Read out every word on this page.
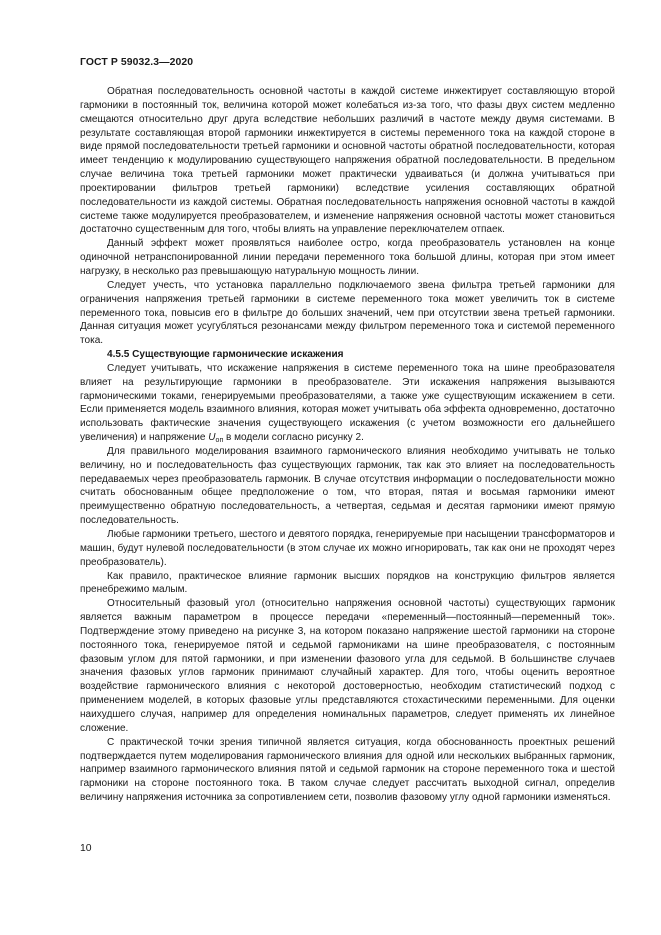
ГОСТ Р 59032.3—2020

Обратная последовательность основной частоты в каждой системе инжектирует составляющую второй гармоники в постоянный ток, величина которой может колебаться из-за того, что фазы двух систем медленно смещаются относительно друг друга вследствие небольших различий в частоте между двумя системами. В результате составляющая второй гармоники инжектируется в системы переменного тока на каждой стороне в виде прямой последовательности третьей гармоники и основной частоты обратной последовательности, которая имеет тенденцию к модулированию существующего напряжения обратной последовательности. В предельном случае величина тока третьей гармоники может практически удваиваться (и должна учитываться при проектировании фильтров третьей гармоники) вследствие усиления составляющих обратной последовательности из каждой системы. Обратная последовательность напряжения основной частоты в каждой системе также модулируется преобразователем, и изменение напряжения основной частоты может становиться достаточно существенным для того, чтобы влиять на управление переключателем отпаек.

Данный эффект может проявляться наиболее остро, когда преобразователь установлен на конце одиночной нетранспонированной линии передачи переменного тока большой длины, которая при этом имеет нагрузку, в несколько раз превышающую натуральную мощность линии.

Следует учесть, что установка параллельно подключаемого звена фильтра третьей гармоники для ограничения напряжения третьей гармоники в системе переменного тока может увеличить ток в системе переменного тока, повысив его в фильтре до больших значений, чем при отсутствии звена третьей гармоники. Данная ситуация может усугубляться резонансами между фильтром переменного тока и системой переменного тока.

4.5.5 Существующие гармонические искажения

Следует учитывать, что искажение напряжения в системе переменного тока на шине преобразователя влияет на результирующие гармоники в преобразователе. Эти искажения напряжения вызываются гармоническими токами, генерируемыми преобразователями, а также уже существующим искажением в сети. Если применяется модель взаимного влияния, которая может учитывать оба эффекта одновременно, достаточно использовать фактические значения существующего искажения (с учетом возможности его дальнейшего увеличения) и напряжение $U_{оп}$ в модели согласно рисунку 2.

Для правильного моделирования взаимного гармонического влияния необходимо учитывать не только величину, но и последовательность фаз существующих гармоник, так как это влияет на последовательность передаваемых через преобразователь гармоник. В случае отсутствия информации о последовательности можно считать обоснованным общее предположение о том, что вторая, пятая и восьмая гармоники имеют преимущественно обратную последовательность, а четвертая, седьмая и десятая гармоники имеют прямую последовательность.

Любые гармоники третьего, шестого и девятого порядка, генерируемые при насыщении трансформаторов и машин, будут нулевой последовательности (в этом случае их можно игнорировать, так как они не проходят через преобразователь).

Как правило, практическое влияние гармоник высших порядков на конструкцию фильтров является пренебрежимо малым.

Относительный фазовый угол (относительно напряжения основной частоты) существующих гармоник является важным параметром в процессе передачи «переменный—постоянный—переменный ток». Подтверждение этому приведено на рисунке 3, на котором показано напряжение шестой гармоники на стороне постоянного тока, генерируемое пятой и седьмой гармониками на шине преобразователя, с постоянным фазовым углом для пятой гармоники, и при изменении фазового угла для седьмой. В большинстве случаев значения фазовых углов гармоник принимают случайный характер. Для того, чтобы оценить вероятное воздействие гармонического влияния с некоторой достоверностью, необходим статистический подход с применением моделей, в которых фазовые углы представляются стохастическими переменными. Для оценки наихудшего случая, например для определения номинальных параметров, следует применять их линейное сложение.

С практической точки зрения типичной является ситуация, когда обоснованность проектных решений подтверждается путем моделирования гармонического влияния для одной или нескольких выбранных гармоник, например взаимного гармонического влияния пятой и седьмой гармоник на стороне переменного тока и шестой гармоники на стороне постоянного тока. В таком случае следует рассчитать выходной сигнал, определив величину напряжения источника за сопротивлением сети, позволив фазовому углу одной гармоники изменяться.

10
